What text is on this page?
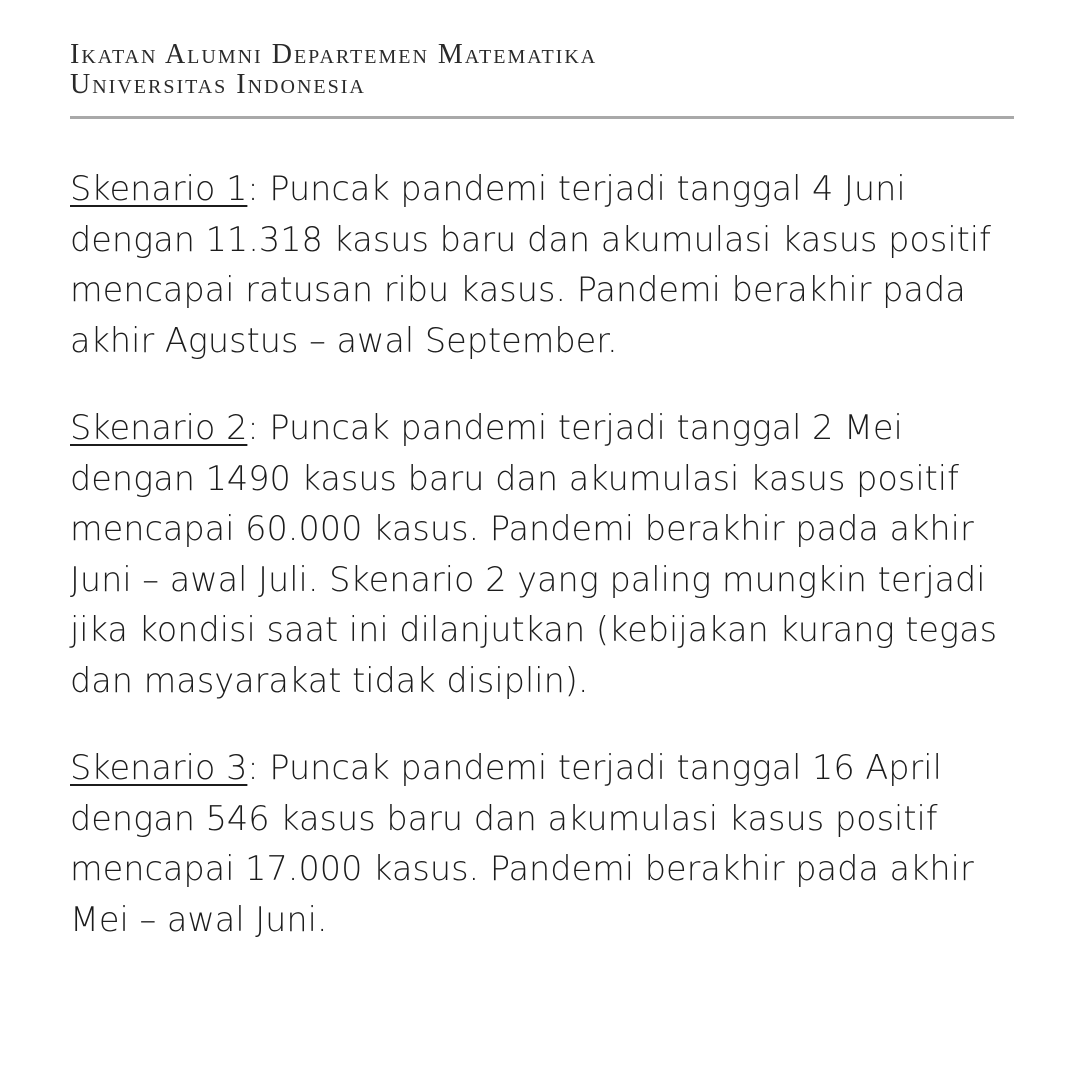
Ikatan Alumni Departemen Matematika
Universitas Indonesia
Skenario 1: Puncak pandemi terjadi tanggal 4 Juni
dengan 11.318 kasus baru dan akumulasi kasus positif
mencapai ratusan ribu kasus. Pandemi berakhir pada
akhir Agustus – awal September.
Skenario 2: Puncak pandemi terjadi tanggal 2 Mei
dengan 1490 kasus baru dan akumulasi kasus positif
mencapai 60.000 kasus. Pandemi berakhir pada akhir
Juni – awal Juli. Skenario 2 yang paling mungkin terjadi
jika kondisi saat ini dilanjutkan (kebijakan kurang tegas
dan masyarakat tidak disiplin).
Skenario 3: Puncak pandemi terjadi tanggal 16 April
dengan 546 kasus baru dan akumulasi kasus positif
mencapai 17.000 kasus. Pandemi berakhir pada akhir
Mei – awal Juni.
